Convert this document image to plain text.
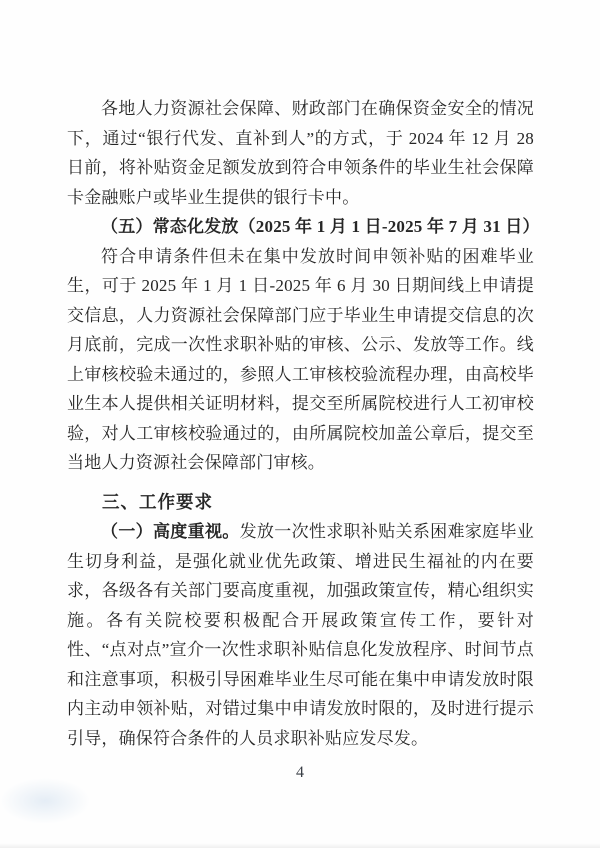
各地人力资源社会保障、财政部门在确保资金安全的情况下，通过“银行代发、直补到人”的方式，于 2024 年 12 月 28 日前，将补贴资金足额发放到符合申领条件的毕业生社会保障卡金融账户或毕业生提供的银行卡中。

（五）常态化发放（2025 年 1 月 1 日-2025 年 7 月 31 日）

符合申请条件但未在集中发放时间申领补贴的困难毕业生，可于 2025 年 1 月 1 日-2025 年 6 月 30 日期间线上申请提交信息，人力资源社会保障部门应于毕业生申请提交信息的次月底前，完成一次性求职补贴的审核、公示、发放等工作。线上审核校验未通过的，参照人工审核校验流程办理，由高校毕业生本人提供相关证明材料，提交至所属院校进行人工初审校验，对人工审核校验通过的，由所属院校加盖公章后，提交至当地人力资源社会保障部门审核。

三、工作要求

（一）高度重视。发放一次性求职补贴关系困难家庭毕业生切身利益，是强化就业优先政策、增进民生福祉的内在要求，各级各有关部门要高度重视，加强政策宣传，精心组织实施。各有关院校要积极配合开展政策宣传工作，要针对性、“点对点”宣介一次性求职补贴信息化发放程序、时间节点和注意事项，积极引导困难毕业生尽可能在集中申请发放时限内主动申领补贴，对错过集中申请发放时限的，及时进行提示引导，确保符合条件的人员求职补贴应发尽发。

4
